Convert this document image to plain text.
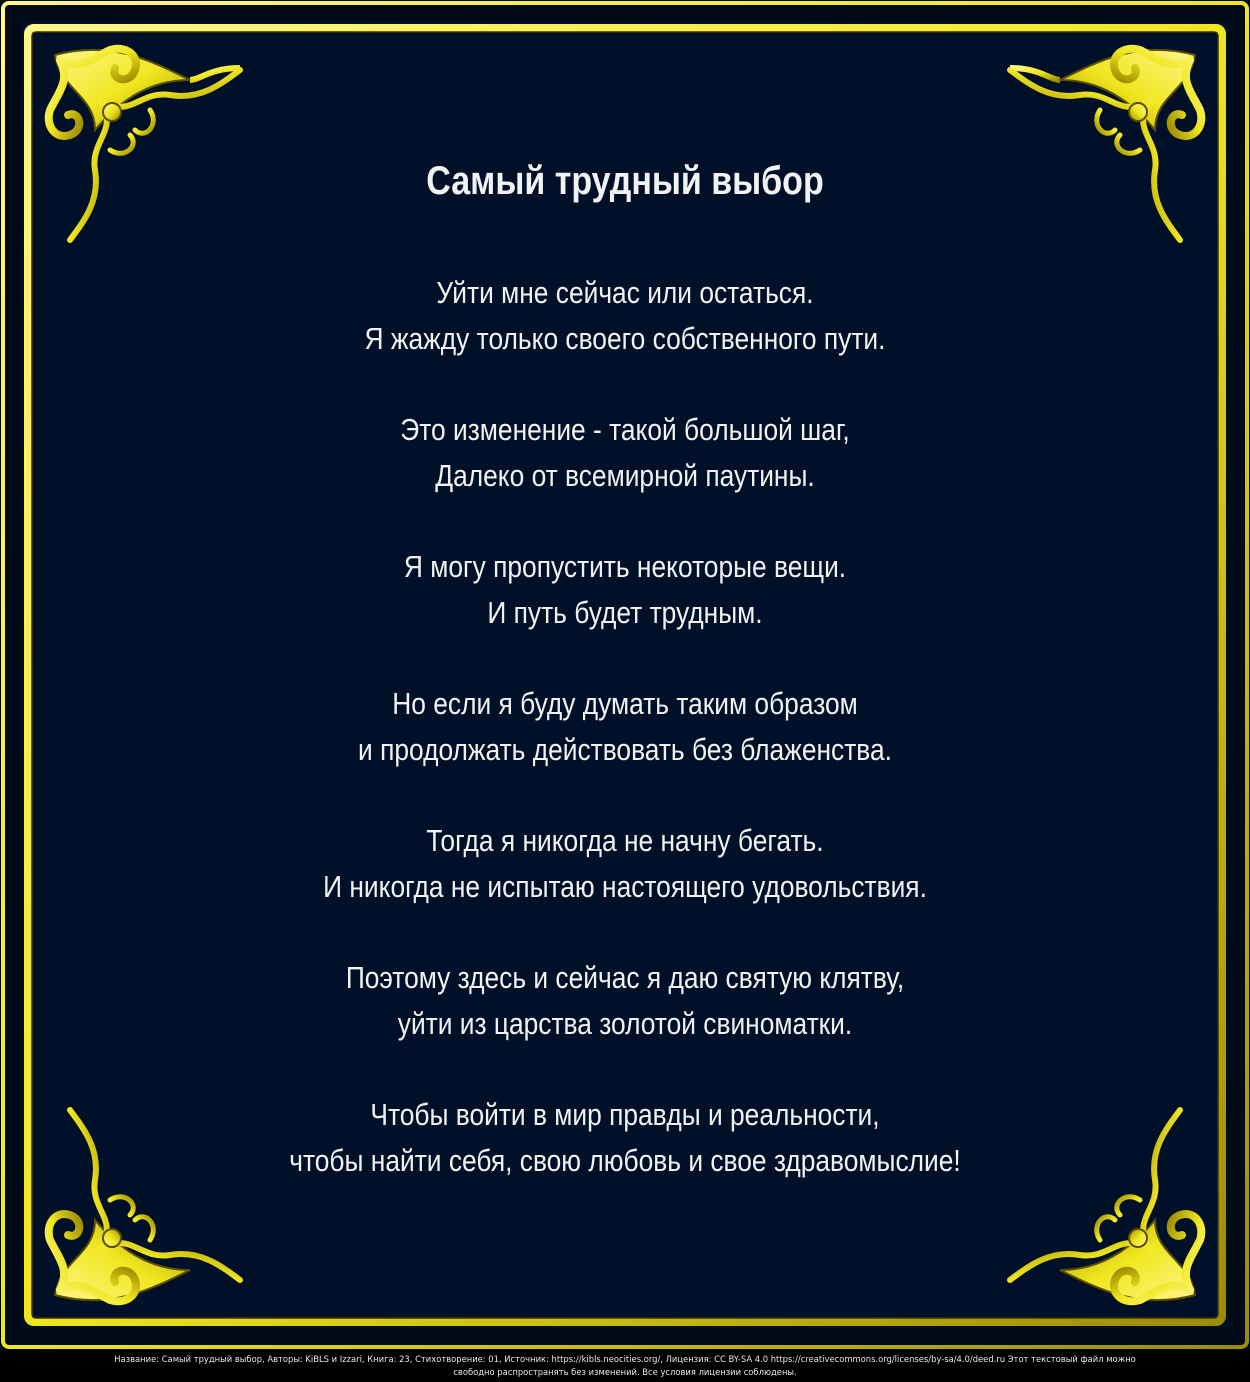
Самый трудный выбор
Уйти мне сейчас или остаться.
Я жажду только своего собственного пути.
Это изменение - такой большой шаг,
Далеко от всемирной паутины.
Я могу пропустить некоторые вещи.
И путь будет трудным.
Но если я буду думать таким образом
и продолжать действовать без блаженства.
Тогда я никогда не начну бегать.
И никогда не испытаю настоящего удовольствия.
Поэтому здесь и сейчас я даю святую клятву,
уйти из царства золотой свиноматки.
Чтобы войти в мир правды и реальности,
чтобы найти себя, свою любовь и свое здравомыслие!
Название: Самый трудный выбор, Авторы: KiBLS и Izzari, Книга: 23, Стихотворение: 01, Источник: https://kibls.neocities.org/, Лицензия: CC BY-SA 4.0 https://creativecommons.org/licenses/by-sa/4.0/deed.ru Этот текстовый файл можно
свободно распространять без изменений. Все условия лицензии соблюдены.
